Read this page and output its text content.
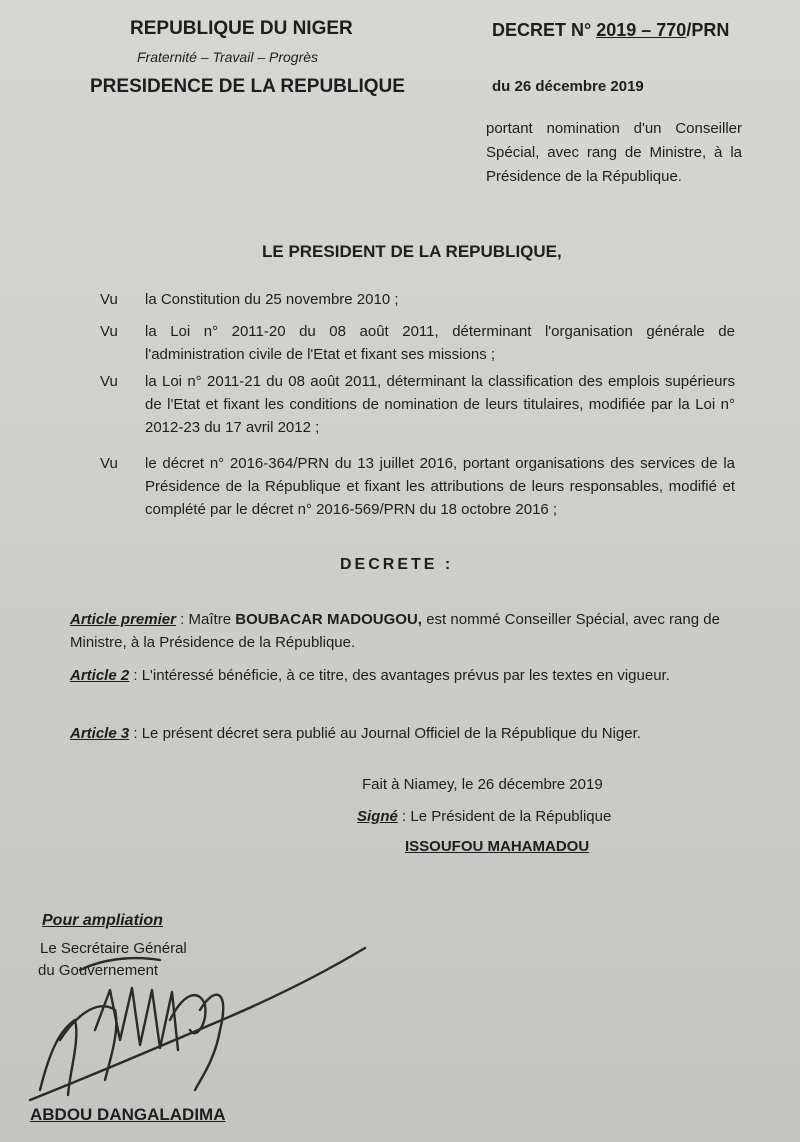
REPUBLIQUE DU NIGER
Fraternité – Travail – Progrès
PRESIDENCE DE LA REPUBLIQUE
DECRET N° 2019 – 770/PRN
du 26 décembre 2019
portant nomination d'un Conseiller Spécial, avec rang de Ministre, à la Présidence de la République.
LE PRESIDENT DE LA REPUBLIQUE,
Vu	la Constitution du 25 novembre 2010 ;
Vu	la Loi n° 2011-20 du 08 août 2011, déterminant l'organisation générale de l'administration civile de l'Etat et fixant ses missions ;
Vu	la Loi n° 2011-21 du 08 août 2011, déterminant la classification des emplois supérieurs de l'Etat et fixant les conditions de nomination de leurs titulaires, modifiée par la Loi n° 2012-23 du 17 avril 2012 ;
Vu	le décret n° 2016-364/PRN du 13 juillet 2016, portant organisations des services de la Présidence de la République et fixant les attributions de leurs responsables, modifié et complété par le décret n° 2016-569/PRN du 18 octobre 2016 ;
DECRETE :
Article premier : Maître BOUBACAR MADOUGOU, est nommé Conseiller Spécial, avec rang de Ministre, à la Présidence de la République.
Article 2 : L'intéressé bénéficie, à ce titre, des avantages prévus par les textes en vigueur.
Article 3 : Le présent décret sera publié au Journal Officiel de la République du Niger.
Fait à Niamey, le 26 décembre 2019
Signé : Le Président de la République
ISSOUFOU MAHAMADOU
Pour ampliation
Le Secrétaire Général
du Gouvernement
ABDOU DANGALADIMA
